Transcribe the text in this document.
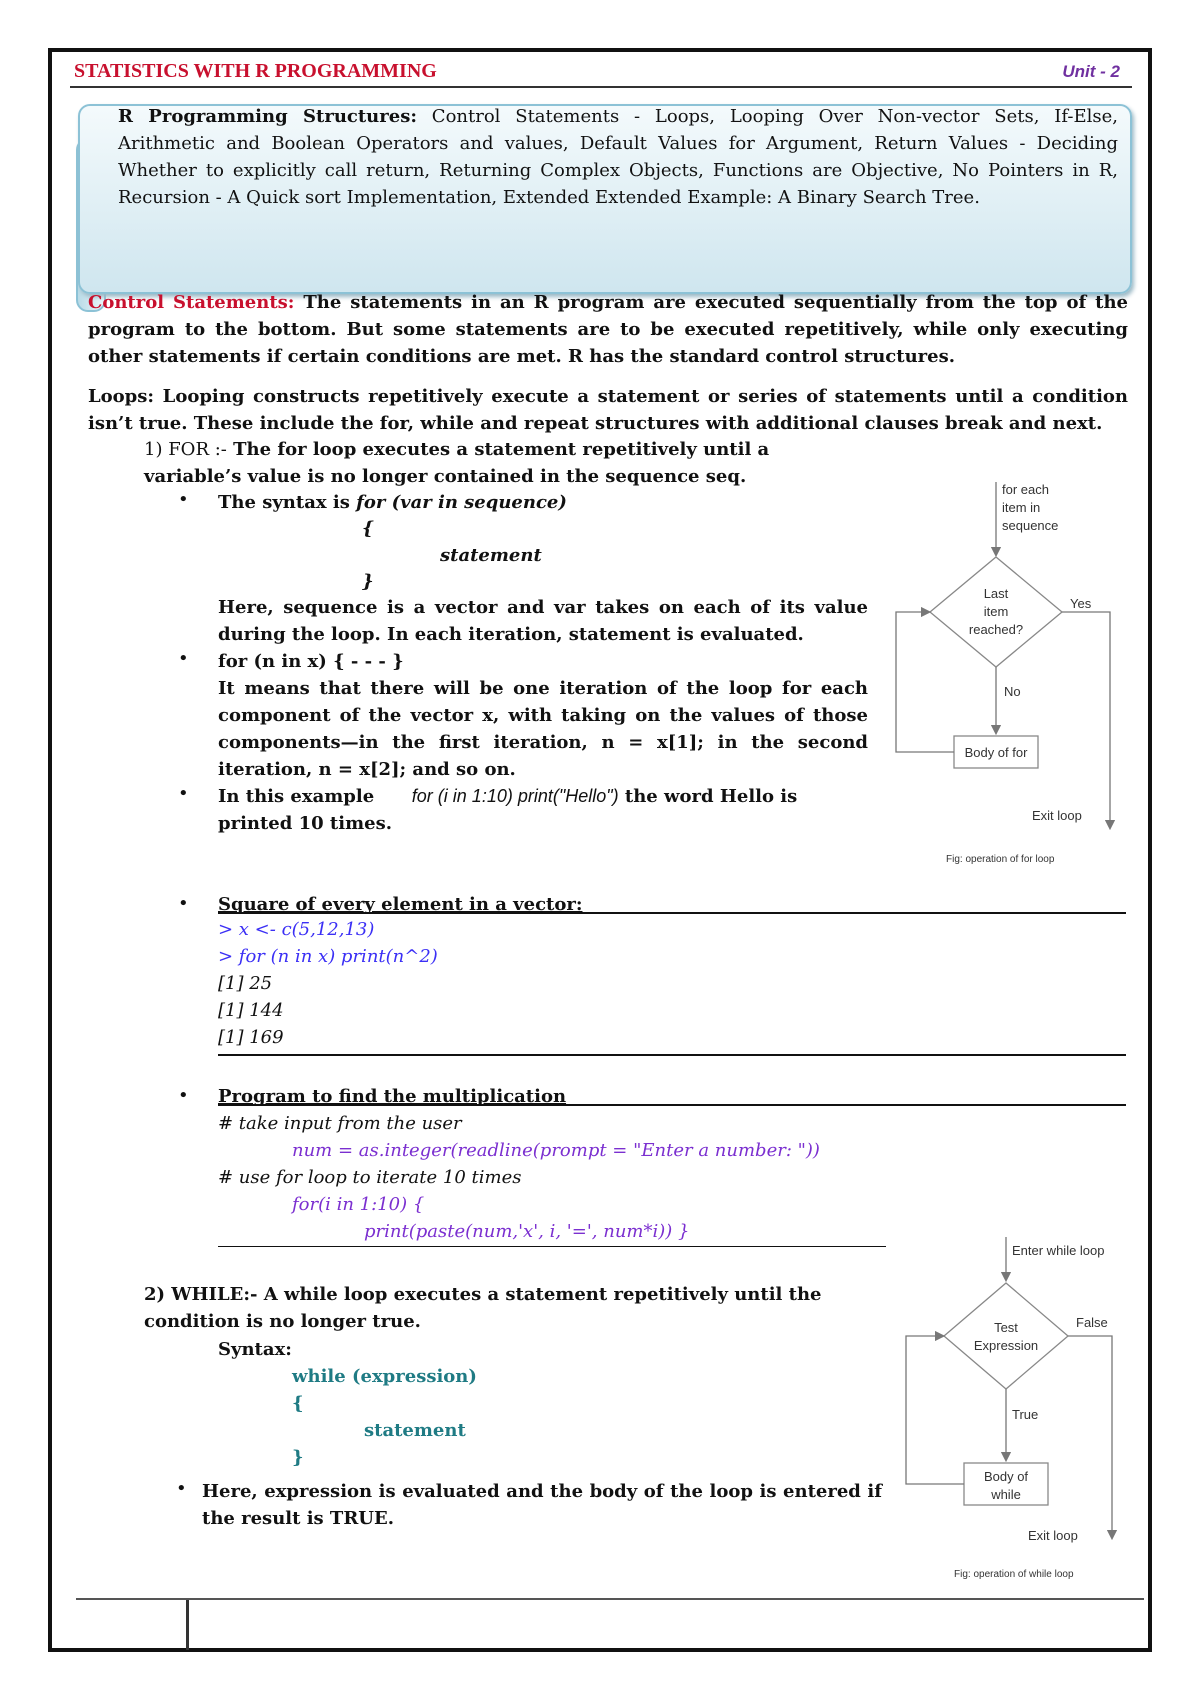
STATISTICS WITH R PROGRAMMING	Unit - 2
R Programming Structures: Control Statements - Loops, Looping Over Non-vector Sets, If-Else, Arithmetic and Boolean Operators and values, Default Values for Argument, Return Values - Deciding Whether to explicitly call return, Returning Complex Objects, Functions are Objective, No Pointers in R, Recursion - A Quick sort Implementation, Extended Extended Example: A Binary Search Tree.
Control Statements: The statements in an R program are executed sequentially from the top of the program to the bottom. But some statements are to be executed repetitively, while only executing other statements if certain conditions are met. R has the standard control structures.
Loops: Looping constructs repetitively execute a statement or series of statements until a condition isn’t true. These include the for, while and repeat structures with additional clauses break and next.
1) FOR :- The for loop executes a statement repetitively until a variable’s value is no longer contained in the sequence seq.
• The syntax is for (var in sequence)
{
statement
}
Here, sequence is a vector and var takes on each of its value during the loop. In each iteration, statement is evaluated.
• for (n in x) { - - - }
It means that there will be one iteration of the loop for each component of the vector x, with taking on the values of those components—in the first iteration, n = x[1]; in the second iteration, n = x[2]; and so on.
• In this example for (i in 1:10) print("Hello") the word Hello is printed 10 times.
• Square of every element in a vector:
> x <- c(5,12,13)
> for (n in x) print(n^2)
[1] 25
[1] 144
[1] 169
• Program to find the multiplication
# take input from the user
num = as.integer(readline(prompt = "Enter a number: "))
# use for loop to iterate 10 times
for(i in 1:10) {
print(paste(num,'x', i, '=', num*i)) }
2) WHILE:- A while loop executes a statement repetitively until the condition is no longer true.
Syntax:
while (expression)
{
statement
}
• Here, expression is evaluated and the body of the loop is entered if the result is TRUE.
for each
item in
sequence
Last
item
reached?
Yes
No
Body of for
Exit loop
Fig: operation of for loop
Enter while loop
Test
Expression
False
True
Body of
while
Exit loop
Fig: operation of while loop
